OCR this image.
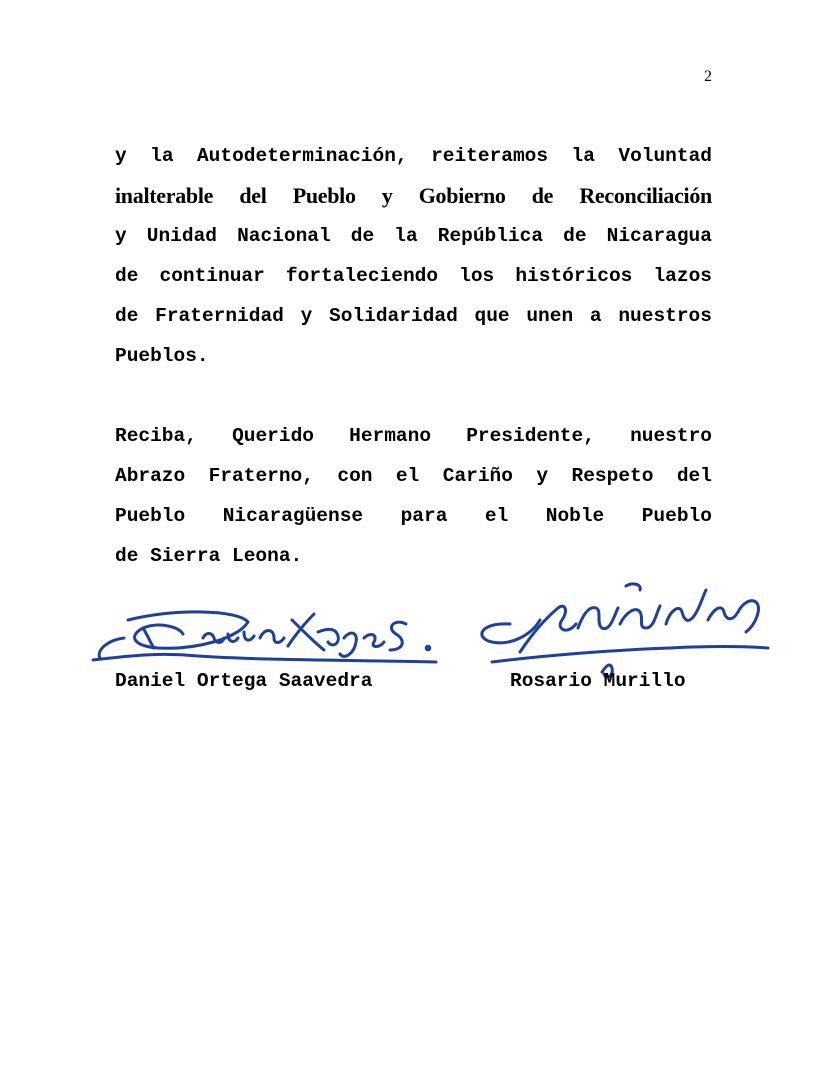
2
y la Autodeterminación, reiteramos la Voluntad
inalterable del Pueblo y Gobierno de Reconciliación
y Unidad Nacional de la República de Nicaragua
de continuar fortaleciendo los históricos lazos
de Fraternidad y Solidaridad que unen a nuestros
Pueblos.
Reciba, Querido Hermano Presidente, nuestro
Abrazo Fraterno, con el Cariño y Respeto del
Pueblo Nicaragüense para el Noble Pueblo
de Sierra Leona.
Daniel Ortega Saavedra	Rosario Murillo
